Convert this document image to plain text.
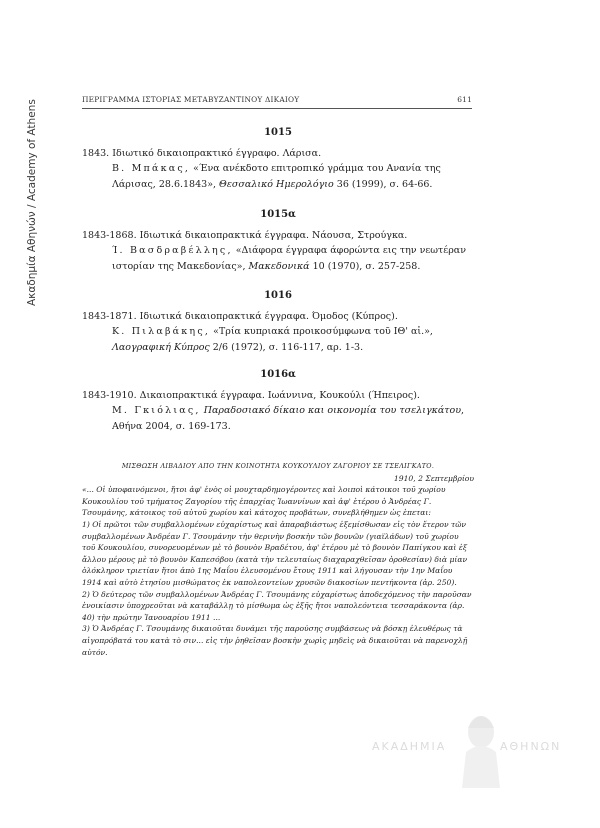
Ακαδημία Αθηνών / Academy of Athens	ΠΕΡΙΓΡΑΜΜΑ ΙΣΤΟΡΙΑΣ ΜΕΤΑΒΥΖΑΝΤΙΝΟΥ ΔΙΚΑΙΟΥ	611
1015
1843. Ιδιωτικό δικαιοπρακτικό έγγραφο. Λάρισα.
Β. Μπάκας, «Ένα ανέκδοτο επιτροπικό γράμμα του Ανανία της Λάρισας, 28.6.1843», Θεσσαλικό Ημερολόγιο 36 (1999), σ. 64-66.
1015α
1843-1868. Ιδιωτικά δικαιοπρακτικά έγγραφα. Νάουσα, Στρούγκα.
Ί. Βασδραβέλλης, «Διάφορα έγγραφα άφορώντα εις την νεωτέραν ιστορίαν της Μακεδονίας», Μακεδονικά 10 (1970), σ. 257-258.
1016
1843-1871. Ιδιωτικά δικαιοπρακτικά έγγραφα. Όμοδος (Κύπρος).
Κ. Πιλαβάκης, «Τρία κυπριακά προικοσύμφωνα τοῦ ΙΘ' αἰ.», Λαογραφική Κύπρος 2/6 (1972), σ. 116-117, αρ. 1-3.
1016α
1843-1910. Δικαιοπρακτικά έγγραφα. Ιωάννινα, Κουκούλι (Ήπειρος).
Μ. Γκιόλιας, Παραδοσιακό δίκαιο και οικονομία του τσελιγκάτου, Αθήνα 2004, σ. 169-173.
ΜΙΣΘΩΣΗ ΛΙΒΑΔΙΟΥ ΑΠΟ ΤΗΝ ΚΟΙΝΟΤΗΤΑ ΚΟΥΚΟΥΛΙΟΥ ΖΑΓΟΡΙΟΥ ΣΕ ΤΣΕΛΙΓΚΑΤΟ.
1910, 2 Σεπτεμβρίου

«... Οἱ ὑποφαινόμενοι, ἤτοι ἀφ' ἑνὸς οἱ μουχταρδημογέροντες καὶ λοιποὶ κάτοικοι τοῦ χωρίου Κουκουλίου τοῦ τμήματος Ζαγορίου τῆς ἐπαρχίας Ἰωαννίνων καὶ ἀφ' ἑτέρου ὁ Ἀνδρέας Γ. Τσουμάνης, κάτοικος τοῦ αὐτοῦ χωρίου καὶ κάτοχος προβάτων, συνεβλήθημεν ὡς ἑπεται:

1) Οἱ πρῶτοι τῶν συμβαλλομένων εὐχαρίστως καὶ ἀπαραβιάστως ἐξεμίσθωσαν εἰς τὸν ἕτερον τῶν συμβαλλομένων Ἀνδρέαν Γ. Τσουμάνην τὴν θερινὴν βοσκὴν τῶν βουνῶν (γιαϊλάδων) τοῦ χωρίου τοῦ Κουκουλίου, συνορευομένων μὲ τὸ βουνὸν Βραδέτου, ἀφ' ἑτέρου μὲ τὸ βουνὸν Παπίγκου καὶ ἐξ ἄλλου μέρους μὲ τὸ βουνὸν Καπεσόβου (κατὰ τὴν τελευταίως διαχαραχθεῖσαν ὀροθεσίαν) διὰ μίαν ὁλόκληρον τριετίαν ἤτοι ἀπὸ 1ης Μαΐου ἐλευσομένου ἔτους 1911 καὶ λήγουσαν τὴν 1ην Μαΐου 1914 καὶ αὐτὸ ἐτησίου μισθώματος ἐκ ναπολεοντείων χρυσῶν διακοσίων πεντήκοντα (ἀρ. 250).

2) Ὁ δεύτερος τῶν συμβαλλομένων Ἀνδρέας Γ. Τσουμάνης εὐχαρίστως ἀποδεχόμενος τὴν παροῦσαν ἐνοικίασιν ὑποχρεοῦται νὰ καταβάλλῃ τὸ μίσθωμα ὡς ἑξῆς ἤτοι ναπολεόντεια τεσσαράκοντα (ἀρ. 40) τὴν πρώτην Ἰανουαρίου 1911 ...

3) Ὁ Ἀνδρέας Γ. Τσουμάνης δικαιοῦται δυνάμει τῆς παρούσης συμβάσεως νὰ βόσκῃ ἐλευθέρως τὰ αἰγοπρόβατά του κατὰ τὸ σιν... εἰς τὴν ῥηθεῖσαν βοσκὴν χωρὶς μηδεὶς νὰ δικαιοῦται νὰ παρενοχλῇ αὐτόν.

ΑΚΑΔΗΜΙΑ	ΑΘΗΝΩΝ
